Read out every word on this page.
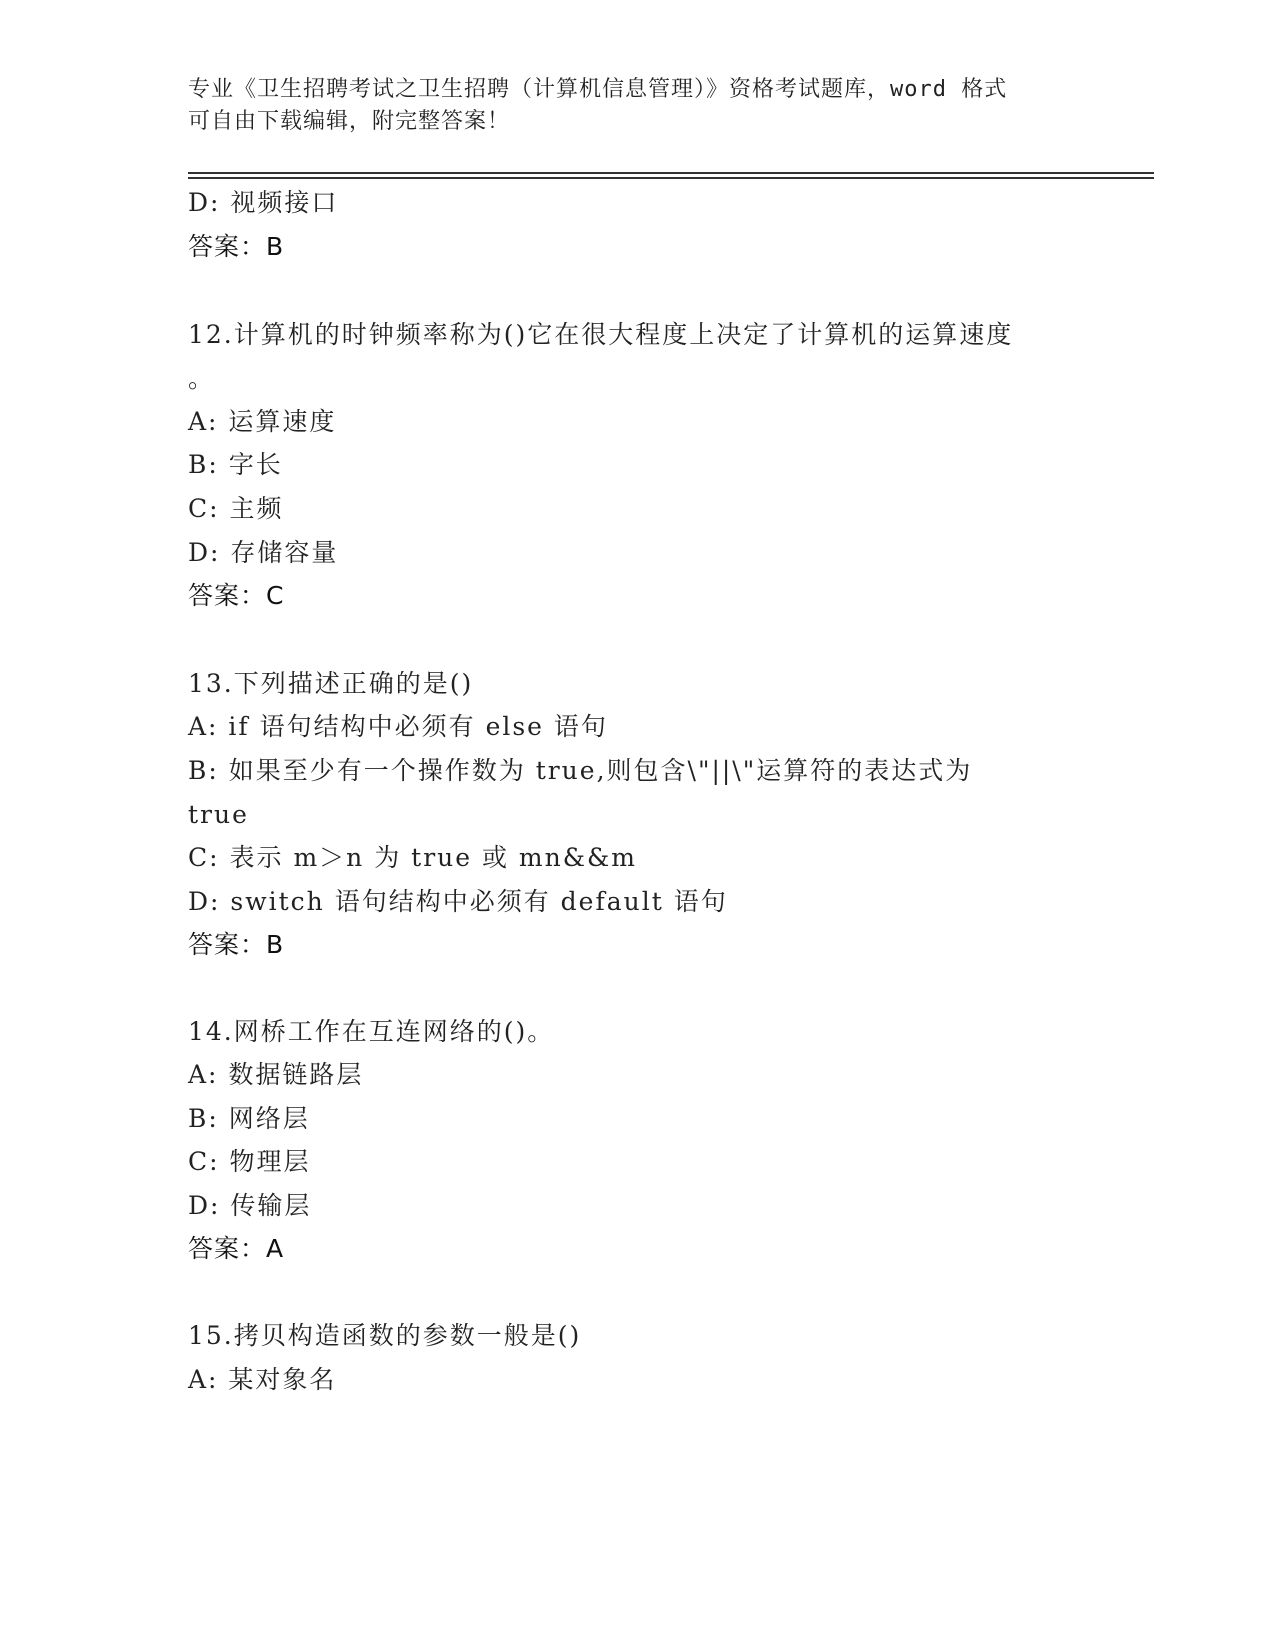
专业《卫生招聘考试之卫生招聘（计算机信息管理）》资格考试题库，word 格式
可自由下载编辑，附完整答案！
D: 视频接口
答案：B
12.计算机的时钟频率称为()它在很大程度上决定了计算机的运算速度
。
A: 运算速度
B: 字长
C: 主频
D: 存储容量
答案：C
13.下列描述正确的是()
A: if 语句结构中必须有 else 语句
B: 如果至少有一个操作数为 true,则包含\"||\"运算符的表达式为
true
C: 表示 m＞n 为 true 或 mn&&m
D: switch 语句结构中必须有 default 语句
答案：B
14.网桥工作在互连网络的()。
A: 数据链路层
B: 网络层
C: 物理层
D: 传输层
答案：A
15.拷贝构造函数的参数一般是()
A: 某对象名
